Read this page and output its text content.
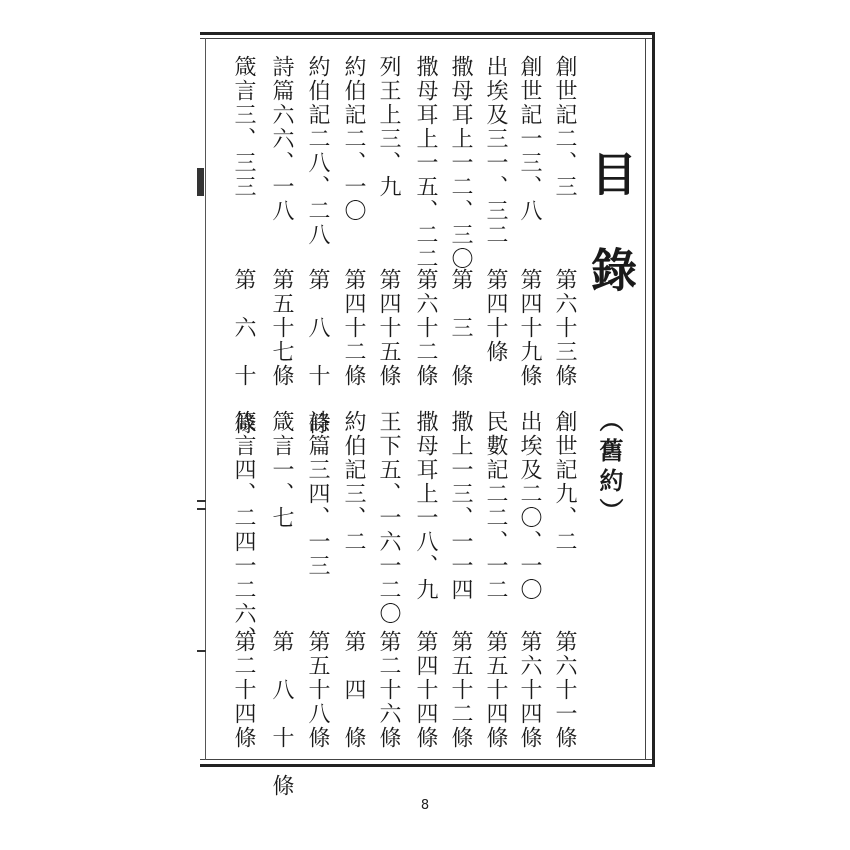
目錄
（舊約）
創世記二、三
第六十三條
創世記九、二
第六十一條
創世記一三、八
第四十九條
出埃及二〇、一〇
第六十四條
出埃及三一、三二
第四十條
民數記二二、一二
第五十四條
撒母耳上一二、三〇
第　三　條
撒上一三、一一四
第五十二條
撒母耳上一五、二二
第六十二條
撒母耳上一八、九
第四十四條
列王上三、九
第四十五條
王下五、一六一二〇
第二十六條
約伯記二、一〇
第四十二條
約伯記三、二
第　四　條
約伯記二八、二八
第　八　十　條
詩篇三四、一三
第五十八條
詩篇六六、一八
第五十七條
箴言一、七
第　八　十　條
箴言三、三三
第　六　十　條
箴言四、二四一二六、
第二十四條
8
